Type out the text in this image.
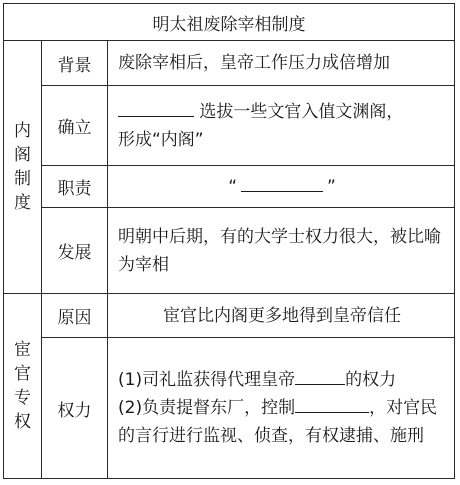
明太祖废除宰相制度		
内阁制度	背景	废除宰相后，皇帝工作压力成倍增加
	确立	选拔一些文官入值文渊阁，
形成“内阁”
	职责	“ ”
	发展	明朝中后期，有的大学士权力很大，被比喻为宰相
宦官专权	原因	宦官比内阁更多地得到皇帝信任
	权力	(1)司礼监获得代理皇帝 的权力
(2)负责提督东厂，控制 ，对官民的言行进行监视、侦查，有权逮捕、施刑
